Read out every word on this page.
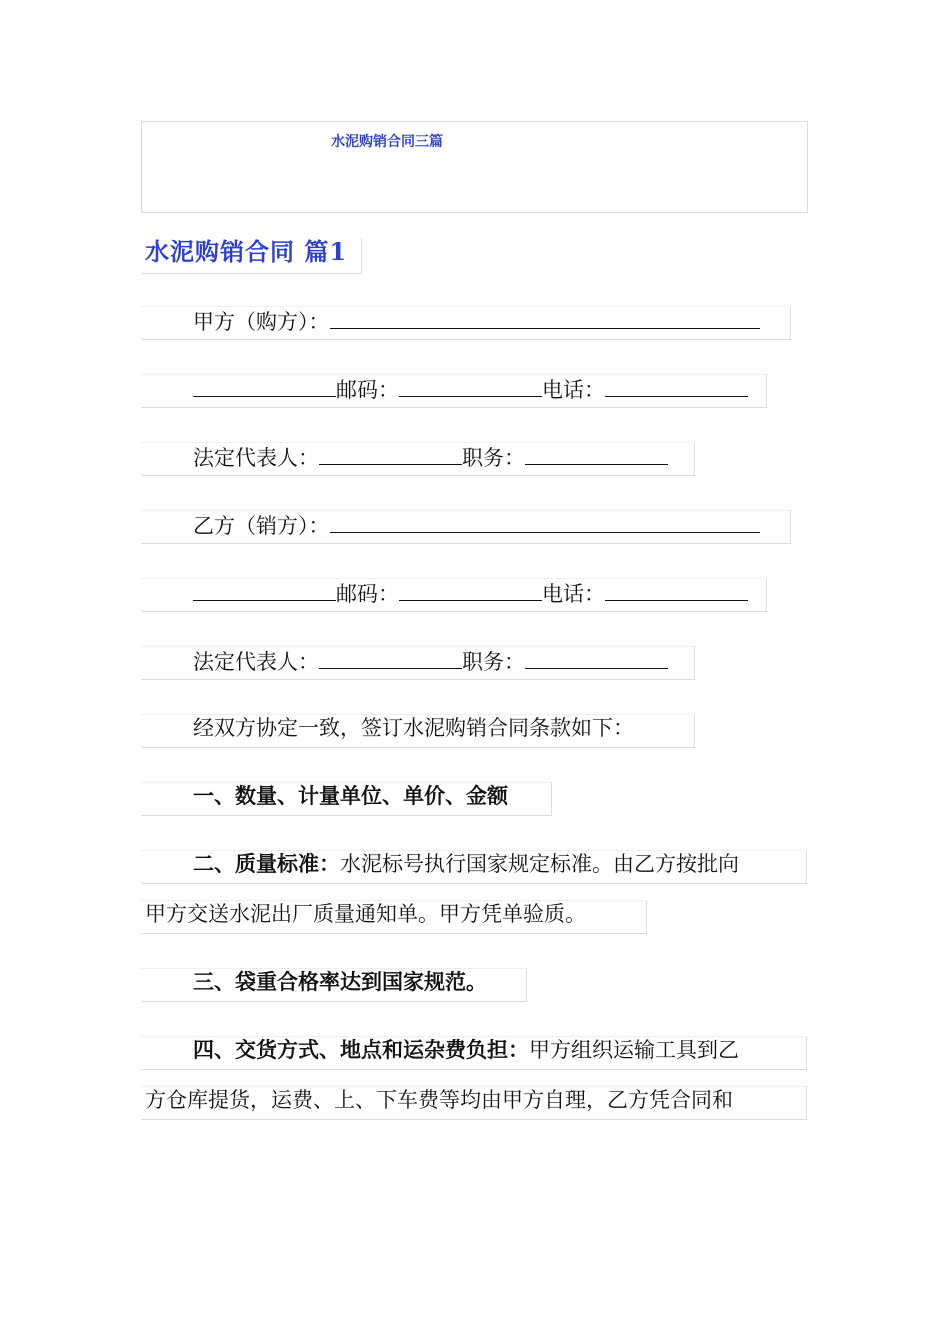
水泥购销合同三篇
水泥购销合同 篇1
甲方（购方）：
邮码：	电话：
法定代表人：	职务：
乙方（销方）：
邮码：	电话：
法定代表人：	职务：
经双方协定一致，签订水泥购销合同条款如下：
一、数量、计量单位、单价、金额
二、质量标准：水泥标号执行国家规定标准。由乙方按批向
甲方交送水泥出厂质量通知单。甲方凭单验质。
三、袋重合格率达到国家规范。
四、交货方式、地点和运杂费负担：甲方组织运输工具到乙
方仓库提货，运费、上、下车费等均由甲方自理，乙方凭合同和
